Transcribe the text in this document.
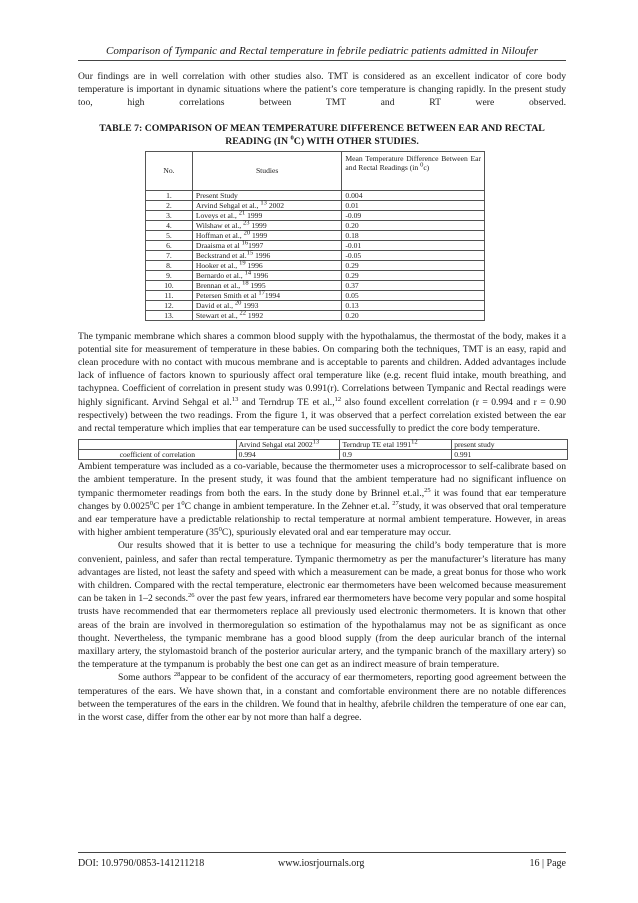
Comparison of Tympanic and Rectal temperature in febrile pediatric patients admitted in Niloufer

Our findings are in well correlation with other studies also. TMT is considered as an excellent indicator of core body temperature is important in dynamic situations where the patient’s core temperature is changing rapidly. In the present study too, high correlations between TMT and RT were observed.

TABLE 7: COMPARISON OF MEAN TEMPERATURE DIFFERENCE BETWEEN EAR AND RECTAL READING (IN $^0$C) WITH OTHER STUDIES.
No.	Studies	Mean Temperature Difference Between Ear and Rectal Readings (in $^0$c)
1.	Present Study	0.004
2.	Arvind Sehgal et al., $^{13}$ 2002	0.01
3.	Loveys et al., $^{21}$ 1999	-0.09
4.	Wilshaw et al., $^{23}$ 1999	0.20
5.	Hoffman et al., $^{20}$ 1999	0.18
6.	Draaisma et al $^{16}$1997	-0.01
7.	Beckstrand et al.$^{15}$ 1996	-0.05
8.	Hooker et al., $^{19}$ 1996	0.29
9.	Bernardo et al., $^{14}$ 1996	0.29
10.	Brennan et al., $^{18}$ 1995	0.37
11.	Petersen Smith et al $^{17}$1994	0.05
12.	David et al., $^{20}$ 1993	0.13
13.	Stewart et al., $^{22}$ 1992	0.20

The tympanic membrane which shares a common blood supply with the hypothalamus, the thermostat of the body, makes it a potential site for measurement of temperature in these babies. On comparing both the techniques, TMT is an easy, rapid and clean procedure with no contact with mucous membrane and is acceptable to parents and children. Added advantages include lack of influence of factors known to spuriously affect oral temperature like (e.g. recent fluid intake, mouth breathing, and tachypnea. Coefficient of correlation in present study was 0.991(r). Correlations between Tympanic and Rectal readings were highly significant. Arvind Sehgal et al.$^{13}$ and Terndrup TE et al.,$^{12}$ also found excellent correlation (r = 0.994 and r = 0.90 respectively) between the two readings. From the figure 1, it was observed that a perfect correlation existed between the ear and rectal temperature which implies that ear temperature can be used successfully to predict the core body temperature.

	Arvind Sehgal etal 2002$^{13}$	Terndrup TE etal 1991$^{12}$	present study
coefficient of correlation	0.994	0.9	0.991

Ambient temperature was included as a co-variable, because the thermometer uses a microprocessor to self-calibrate based on the ambient temperature. In the present study, it was found that the ambient temperature had no significant influence on tympanic thermometer readings from both the ears. In the study done by Brinnel et.al.,$^{25}$ it was found that ear temperature changes by 0.0025$^0$C per $1^0C$ change in ambient temperature. In the Zehner et.al. $^{27}$study, it was observed that oral temperature and ear temperature have a predictable relationship to rectal temperature at normal ambient temperature. However, in areas with higher ambient temperature $(35^0C)$, spuriously elevated oral and ear temperature may occur.

Our results showed that it is better to use a technique for measuring the child’s body temperature that is more convenient, painless, and safer than rectal temperature. Tympanic thermometry as per the manufacturer’s literature has many advantages are listed, not least the safety and speed with which a measurement can be made, a great bonus for those who work with children. Compared with the rectal temperature, electronic ear thermometers have been welcomed because measurement can be taken in 1–2 seconds.$^{26}$ over the past few years, infrared ear thermometers have become very popular and some hospital trusts have recommended that ear thermometers replace all previously used electronic thermometers. It is known that other areas of the brain are involved in thermoregulation so estimation of the hypothalamus may not be as significant as once thought. Nevertheless, the tympanic membrane has a good blood supply (from the deep auricular branch of the internal maxillary artery, the stylomastoid branch of the posterior auricular artery, and the tympanic branch of the maxillary artery) so the temperature at the tympanum is probably the best one can get as an indirect measure of brain temperature.

Some authors $^{28}$appear to be confident of the accuracy of ear thermometers, reporting good agreement between the temperatures of the ears. We have shown that, in a constant and comfortable environment there are no notable differences between the temperatures of the ears in the children. We found that in healthy, afebrile children the temperature of one ear can, in the worst case, differ from the other ear by not more than half a degree.

DOI: 10.9790/0853-141211218	www.iosrjournals.org	16 | Page
